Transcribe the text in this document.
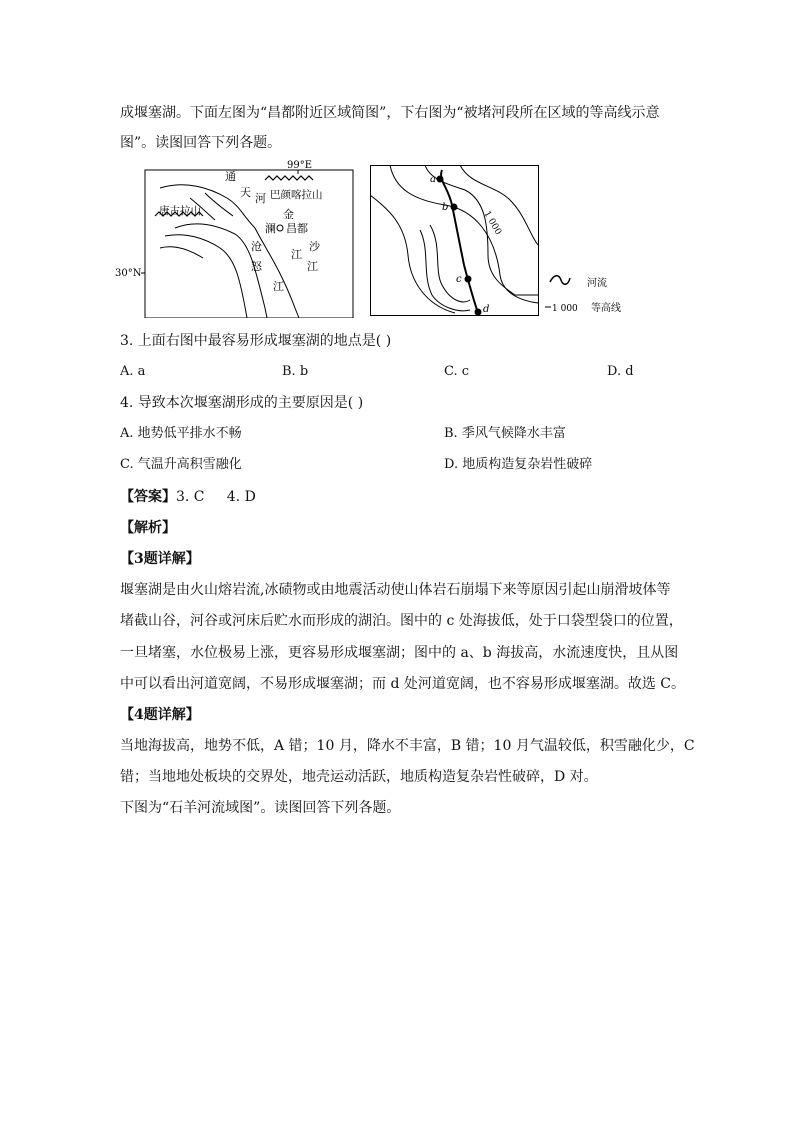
成堰塞湖。下面左图为“昌都附近区域简图”，下右图为“被堵河段所在区域的等高线示意
图”。读图回答下列各题。
99°E
30°N
通
天 河 巴颜喀拉山
唐古拉山	金
澜 昌都
沧
江
沙
江
怒
江
a
b
c
d
1 000
河流
1 000 等高线
3. 上面右图中最容易形成堰塞湖的地点是( )
A. a	B. b	C. c	D. d
4. 导致本次堰塞湖形成的主要原因是( )
A. 地势低平排水不畅	B. 季风气候降水丰富
C. 气温升高积雪融化	D. 地质构造复杂岩性破碎
【答案】3. C     4. D
【解析】
【3题详解】
堰塞湖是由火山熔岩流,冰碛物或由地震活动使山体岩石崩塌下来等原因引起山崩滑坡体等
堵截山谷，河谷或河床后贮水而形成的湖泊。图中的 c 处海拔低，处于口袋型袋口的位置，
一旦堵塞，水位极易上涨，更容易形成堰塞湖；图中的 a、b 海拔高，水流速度快，且从图
中可以看出河道宽阔，不易形成堰塞湖；而 d 处河道宽阔，也不容易形成堰塞湖。故选 C。
【4题详解】
当地海拔高，地势不低，A 错；10 月，降水不丰富，B 错；10 月气温较低，积雪融化少，C
错；当地地处板块的交界处，地壳运动活跃，地质构造复杂岩性破碎，D 对。
下图为“石羊河流域图”。读图回答下列各题。
